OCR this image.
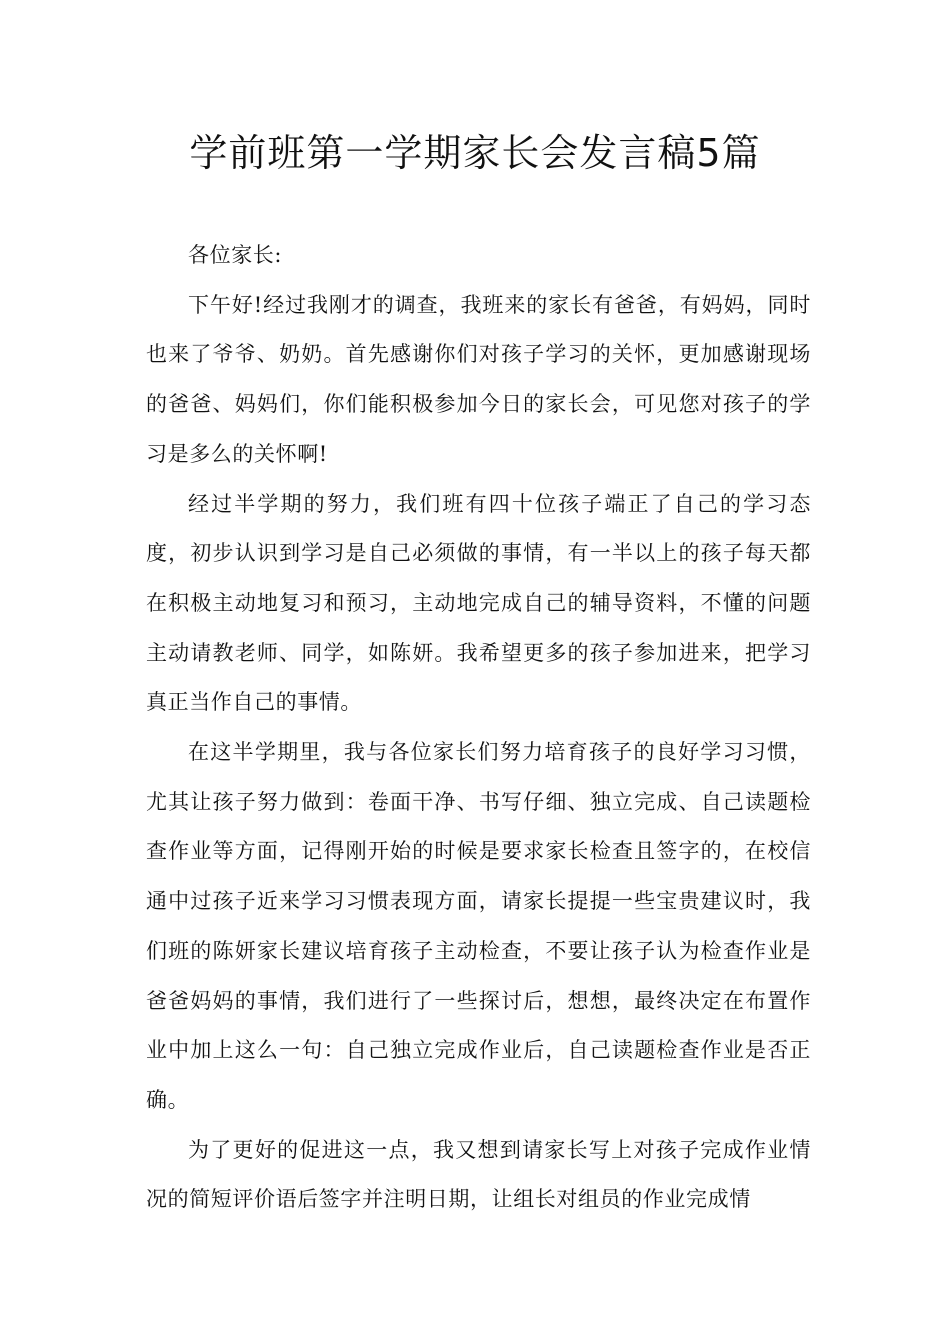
学前班第一学期家长会发言稿5篇

各位家长:

下午好!经过我刚才的调查，我班来的家长有爸爸，有妈妈，同时也来了爷爷、奶奶。首先感谢你们对孩子学习的关怀，更加感谢现场的爸爸、妈妈们，你们能积极参加今日的家长会，可见您对孩子的学习是多么的关怀啊!

经过半学期的努力，我们班有四十位孩子端正了自己的学习态度，初步认识到学习是自己必须做的事情，有一半以上的孩子每天都在积极主动地复习和预习，主动地完成自己的辅导资料，不懂的问题主动请教老师、同学，如陈妍。我希望更多的孩子参加进来，把学习真正当作自己的事情。

在这半学期里，我与各位家长们努力培育孩子的良好学习习惯，尤其让孩子努力做到：卷面干净、书写仔细、独立完成、自己读题检查作业等方面，记得刚开始的时候是要求家长检查且签字的，在校信通中过孩子近来学习习惯表现方面，请家长提提一些宝贵建议时，我们班的陈妍家长建议培育孩子主动检查，不要让孩子认为检查作业是爸爸妈妈的事情，我们进行了一些探讨后，想想，最终决定在布置作业中加上这么一句：自己独立完成作业后，自己读题检查作业是否正确。

为了更好的促进这一点，我又想到请家长写上对孩子完成作业情况的简短评价语后签字并注明日期，让组长对组员的作业完成情
